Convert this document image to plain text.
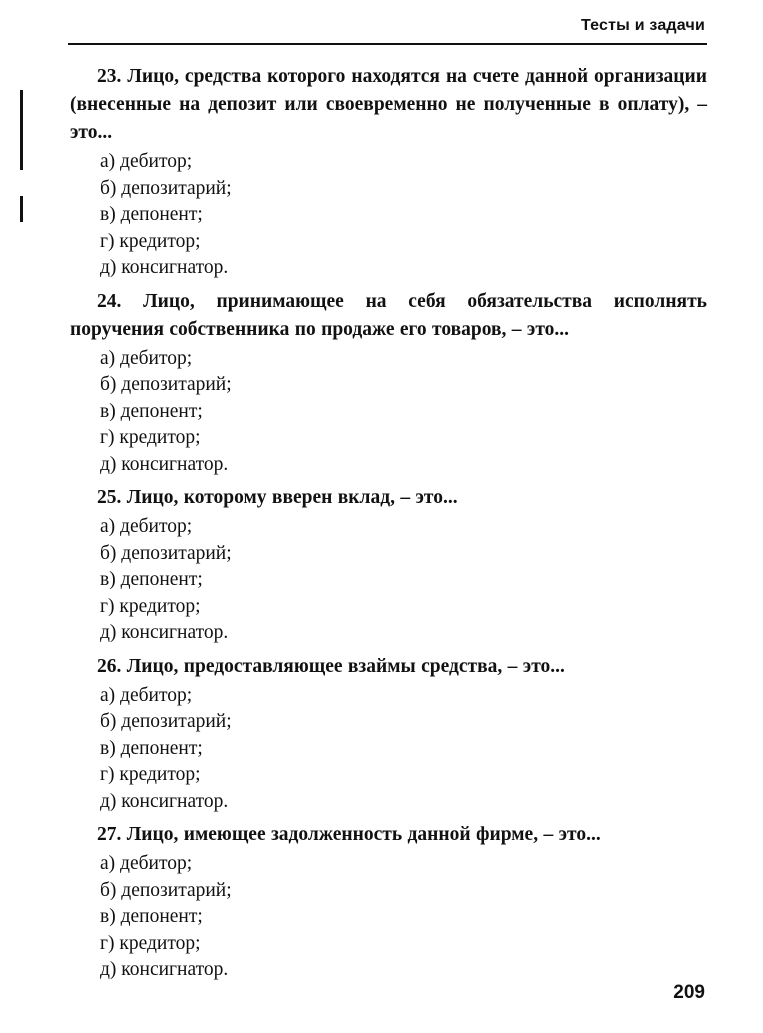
Тесты и задачи

23. Лицо, средства которого находятся на счете данной организации (внесенные на депозит или своевременно не полученные в оплату), – это...

а) дебитор;
б) депозитарий;
в) депонент;
г) кредитор;
д) консигнатор.

24. Лицо, принимающее на себя обязательства исполнять поручения собственника по продаже его товаров, – это...

а) дебитор;
б) депозитарий;
в) депонент;
г) кредитор;
д) консигнатор.

25. Лицо, которому вверен вклад, – это...

а) дебитор;
б) депозитарий;
в) депонент;
г) кредитор;
д) консигнатор.

26. Лицо, предоставляющее взаймы средства, – это...

а) дебитор;
б) депозитарий;
в) депонент;
г) кредитор;
д) консигнатор.

27. Лицо, имеющее задолженность данной фирме, – это...

а) дебитор;
б) депозитарий;
в) депонент;
г) кредитор;
д) консигнатор.
209
